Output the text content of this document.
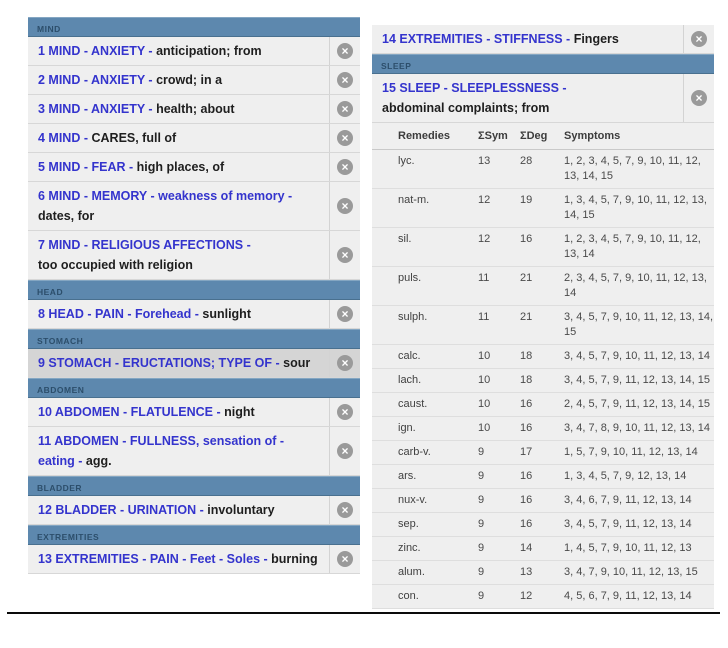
MIND
1 MIND - ANXIETY - anticipation; from	×
2 MIND - ANXIETY - crowd; in a	×
3 MIND - ANXIETY - health; about	×
4 MIND - CARES, full of	×
5 MIND - FEAR - high places, of	×
6 MIND - MEMORY - weakness of memory - dates, for
×
7 MIND - RELIGIOUS AFFECTIONS - too occupied with religion
×
HEAD
8 HEAD - PAIN - Forehead - sunlight	×
STOMACH
9 STOMACH - ERUCTATIONS; TYPE OF - sour	×
ABDOMEN
10 ABDOMEN - FLATULENCE - night	×
11 ABDOMEN - FULLNESS, sensation of - eating - agg.
×
BLADDER
12 BLADDER - URINATION - involuntary	×
EXTREMITIES
13 EXTREMITIES - PAIN - Feet - Soles - burning	×
14 EXTREMITIES - STIFFNESS - Fingers	×
SLEEP
15 SLEEP - SLEEPLESSNESS - abdominal complaints; from
×
Remedies	ΣSym	ΣDeg	Symptoms
lyc.	13	28	1, 2, 3, 4, 5, 7, 9, 10, 11, 12, 13, 14, 15
nat-m.	12	19	1, 3, 4, 5, 7, 9, 10, 11, 12, 13, 14, 15
sil.	12	16	1, 2, 3, 4, 5, 7, 9, 10, 11, 12, 13, 14
puls.	11	21	2, 3, 4, 5, 7, 9, 10, 11, 12, 13, 14
sulph.	11	21	3, 4, 5, 7, 9, 10, 11, 12, 13, 14, 15
calc.	10	18	3, 4, 5, 7, 9, 10, 11, 12, 13, 14
lach.	10	18	3, 4, 5, 7, 9, 11, 12, 13, 14, 15
caust.	10	16	2, 4, 5, 7, 9, 11, 12, 13, 14, 15
ign.	10	16	3, 4, 7, 8, 9, 10, 11, 12, 13, 14
carb-v.	9	17	1, 5, 7, 9, 10, 11, 12, 13, 14
ars.	9	16	1, 3, 4, 5, 7, 9, 12, 13, 14
nux-v.	9	16	3, 4, 6, 7, 9, 11, 12, 13, 14
sep.	9	16	3, 4, 5, 7, 9, 11, 12, 13, 14
zinc.	9	14	1, 4, 5, 7, 9, 10, 11, 12, 13
alum.	9	13	3, 4, 7, 9, 10, 11, 12, 13, 15
con.	9	12	4, 5, 6, 7, 9, 11, 12, 13, 14
